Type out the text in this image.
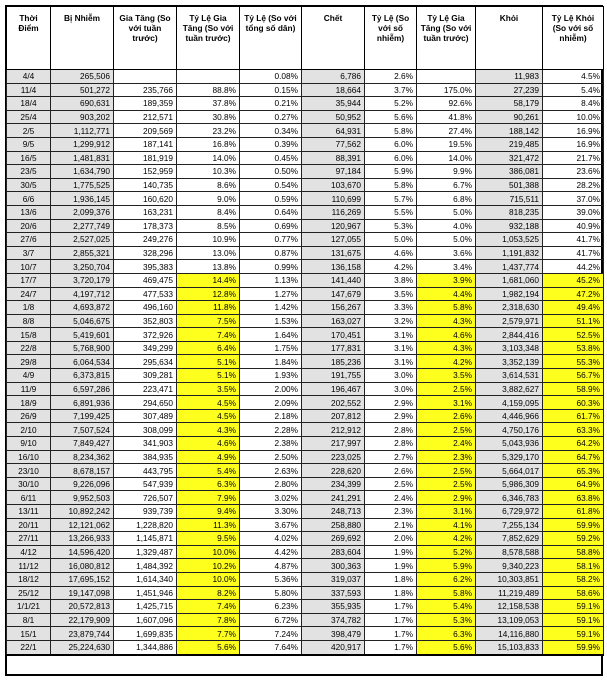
Thời Điểm	Bị Nhiễm	Gia Tăng (So với tuần trước)	Tỷ Lệ Gia Tăng (So với tuần trước)	Tỷ Lệ (So với tổng số dân)	Chết	Tỷ Lệ (So với số nhiễm)	Tỷ Lệ Gia Tăng (So với tuần trước)	Khỏi	Tỷ Lệ Khỏi (So với số nhiễm)
4/4	265,506			0.08%	6,786	2.6%		11,983	4.5%
11/4	501,272	235,766	88.8%	0.15%	18,664	3.7%	175.0%	27,239	5.4%
18/4	690,631	189,359	37.8%	0.21%	35,944	5.2%	92.6%	58,179	8.4%
25/4	903,202	212,571	30.8%	0.27%	50,952	5.6%	41.8%	90,261	10.0%
2/5	1,112,771	209,569	23.2%	0.34%	64,931	5.8%	27.4%	188,142	16.9%
9/5	1,299,912	187,141	16.8%	0.39%	77,562	6.0%	19.5%	219,485	16.9%
16/5	1,481,831	181,919	14.0%	0.45%	88,391	6.0%	14.0%	321,472	21.7%
23/5	1,634,790	152,959	10.3%	0.50%	97,184	5.9%	9.9%	386,081	23.6%
30/5	1,775,525	140,735	8.6%	0.54%	103,670	5.8%	6.7%	501,388	28.2%
6/6	1,936,145	160,620	9.0%	0.59%	110,699	5.7%	6.8%	715,511	37.0%
13/6	2,099,376	163,231	8.4%	0.64%	116,269	5.5%	5.0%	818,235	39.0%
20/6	2,277,749	178,373	8.5%	0.69%	120,967	5.3%	4.0%	932,188	40.9%
27/6	2,527,025	249,276	10.9%	0.77%	127,055	5.0%	5.0%	1,053,525	41.7%
3/7	2,855,321	328,296	13.0%	0.87%	131,675	4.6%	3.6%	1,191,832	41.7%
10/7	3,250,704	395,383	13.8%	0.99%	136,158	4.2%	3.4%	1,437,774	44.2%
17/7	3,720,179	469,475	14.4%	1.13%	141,440	3.8%	3.9%	1,681,060	45.2%
24/7	4,197,712	477,533	12.8%	1.27%	147,679	3.5%	4.4%	1,982,194	47.2%
1/8	4,693,872	496,160	11.8%	1.42%	156,267	3.3%	5.8%	2,318,630	49.4%
8/8	5,046,675	352,803	7.5%	1.53%	163,027	3.2%	4.3%	2,579,971	51.1%
15/8	5,419,601	372,926	7.4%	1.64%	170,451	3.1%	4.6%	2,844,416	52.5%
22/8	5,768,900	349,299	6.4%	1.75%	177,831	3.1%	4.3%	3,103,348	53.8%
29/8	6,064,534	295,634	5.1%	1.84%	185,236	3.1%	4.2%	3,352,139	55.3%
4/9	6,373,815	309,281	5.1%	1.93%	191,755	3.0%	3.5%	3,614,531	56.7%
11/9	6,597,286	223,471	3.5%	2.00%	196,467	3.0%	2.5%	3,882,627	58.9%
18/9	6,891,936	294,650	4.5%	2.09%	202,552	2.9%	3.1%	4,159,095	60.3%
26/9	7,199,425	307,489	4.5%	2.18%	207,812	2.9%	2.6%	4,446,966	61.7%
2/10	7,507,524	308,099	4.3%	2.28%	212,912	2.8%	2.5%	4,750,176	63.3%
9/10	7,849,427	341,903	4.6%	2.38%	217,997	2.8%	2.4%	5,043,936	64.2%
16/10	8,234,362	384,935	4.9%	2.50%	223,025	2.7%	2.3%	5,329,170	64.7%
23/10	8,678,157	443,795	5.4%	2.63%	228,620	2.6%	2.5%	5,664,017	65.3%
30/10	9,226,096	547,939	6.3%	2.80%	234,399	2.5%	2.5%	5,986,309	64.9%
6/11	9,952,503	726,507	7.9%	3.02%	241,291	2.4%	2.9%	6,346,783	63.8%
13/11	10,892,242	939,739	9.4%	3.30%	248,713	2.3%	3.1%	6,729,972	61.8%
20/11	12,121,062	1,228,820	11.3%	3.67%	258,880	2.1%	4.1%	7,255,134	59.9%
27/11	13,266,933	1,145,871	9.5%	4.02%	269,692	2.0%	4.2%	7,852,629	59.2%
4/12	14,596,420	1,329,487	10.0%	4.42%	283,604	1.9%	5.2%	8,578,588	58.8%
11/12	16,080,812	1,484,392	10.2%	4.87%	300,363	1.9%	5.9%	9,340,223	58.1%
18/12	17,695,152	1,614,340	10.0%	5.36%	319,037	1.8%	6.2%	10,303,851	58.2%
25/12	19,147,098	1,451,946	8.2%	5.80%	337,593	1.8%	5.8%	11,219,489	58.6%
1/1/21	20,572,813	1,425,715	7.4%	6.23%	355,935	1.7%	5.4%	12,158,538	59.1%
8/1	22,179,909	1,607,096	7.8%	6.72%	374,782	1.7%	5.3%	13,109,053	59.1%
15/1	23,879,744	1,699,835	7.7%	7.24%	398,479	1.7%	6.3%	14,116,880	59.1%
22/1	25,224,630	1,344,886	5.6%	7.64%	420,917	1.7%	5.6%	15,103,833	59.9%
